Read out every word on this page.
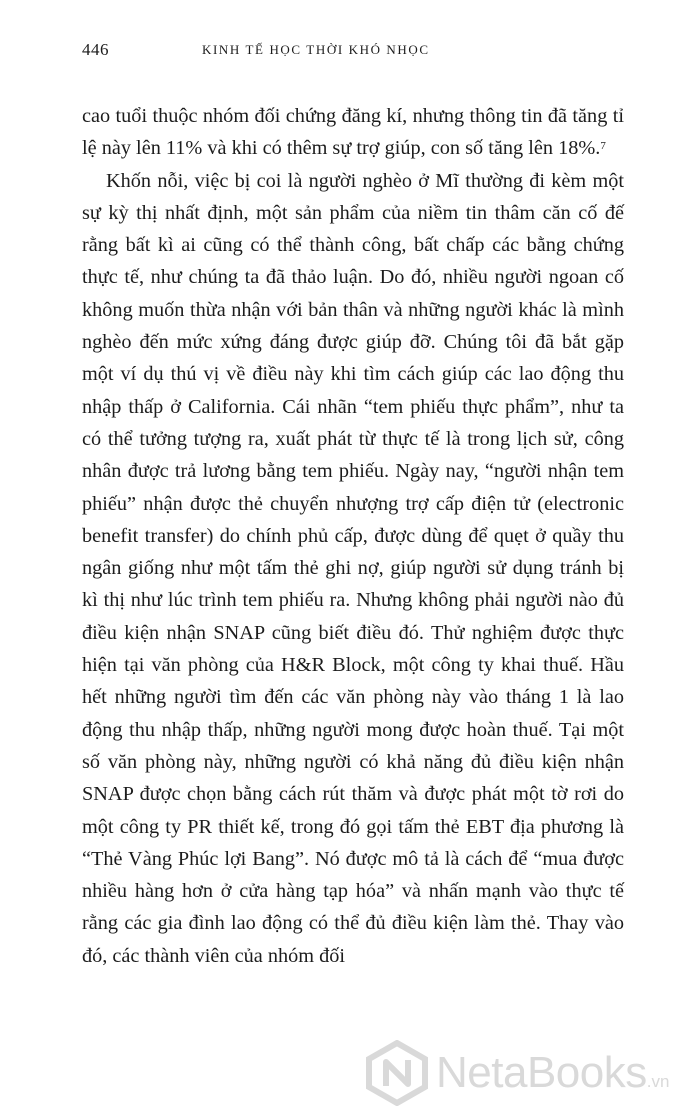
446	KINH TẾ HỌC THỜI KHÓ NHỌC

cao tuổi thuộc nhóm đối chứng đăng kí, nhưng thông tin đã tăng tỉ lệ này lên 11% và khi có thêm sự trợ giúp, con số tăng lên 18%.$^7$

Khốn nỗi, việc bị coi là người nghèo ở Mĩ thường đi kèm một sự kỳ thị nhất định, một sản phẩm của niềm tin thâm căn cố đế rằng bất kì ai cũng có thể thành công, bất chấp các bằng chứng thực tế, như chúng ta đã thảo luận. Do đó, nhiều người ngoan cố không muốn thừa nhận với bản thân và những người khác là mình nghèo đến mức xứng đáng được giúp đỡ. Chúng tôi đã bắt gặp một ví dụ thú vị về điều này khi tìm cách giúp các lao động thu nhập thấp ở California. Cái nhãn “tem phiếu thực phẩm”, như ta có thể tưởng tượng ra, xuất phát từ thực tế là trong lịch sử, công nhân được trả lương bằng tem phiếu. Ngày nay, “người nhận tem phiếu” nhận được thẻ chuyển nhượng trợ cấp điện tử (electronic benefit transfer) do chính phủ cấp, được dùng để quẹt ở quầy thu ngân giống như một tấm thẻ ghi nợ, giúp người sử dụng tránh bị kì thị như lúc trình tem phiếu ra. Nhưng không phải người nào đủ điều kiện nhận SNAP cũng biết điều đó. Thử nghiệm được thực hiện tại văn phòng của H&R Block, một công ty khai thuế. Hầu hết những người tìm đến các văn phòng này vào tháng 1 là lao động thu nhập thấp, những người mong được hoàn thuế. Tại một số văn phòng này, những người có khả năng đủ điều kiện nhận SNAP được chọn bằng cách rút thăm và được phát một tờ rơi do một công ty PR thiết kế, trong đó gọi tấm thẻ EBT địa phương là “Thẻ Vàng Phúc lợi Bang”. Nó được mô tả là cách để “mua được nhiều hàng hơn ở cửa hàng tạp hóa” và nhấn mạnh vào thực tế rằng các gia đình lao động có thể đủ điều kiện làm thẻ. Thay vào đó, các thành viên của nhóm đối

NetaBooks.vn
